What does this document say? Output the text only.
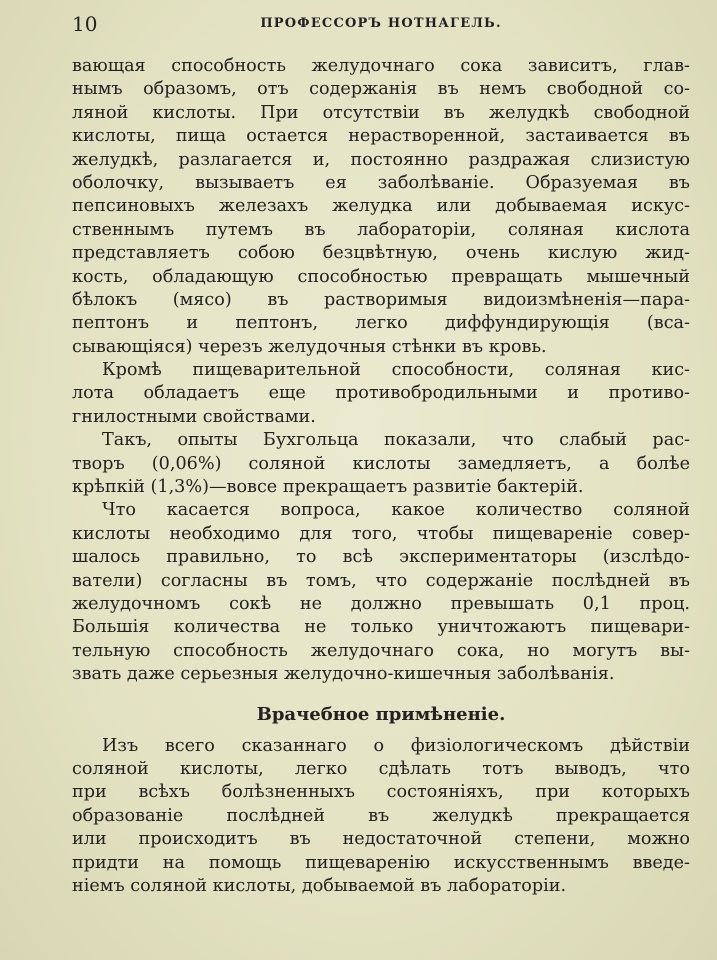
10	ПРОФЕССОРЪ НОТНАГЕЛЬ.
вающая способность желудочнаго сока зависитъ, глав-
нымъ образомъ, отъ содержанія въ немъ свободной со-
ляной кислоты. При отсутствіи въ желудкѣ свободной
кислоты, пища остается нерастворенной, застаивается въ
желудкѣ, разлагается и, постоянно раздражая слизистую
оболочку, вызываетъ ея заболѣваніе. Образуемая въ
пепсиновыхъ железахъ желудка или добываемая искус-
ственнымъ путемъ въ лабораторіи, соляная кислота
представляетъ собою безцвѣтную, очень кислую жид-
кость, обладающую способностью превращать мышечный
бѣлокъ (мясо) въ растворимыя видоизмѣненія—пара-
пептонъ и пептонъ, легко диффундирующія (вса-
сывающіяся) черезъ желудочныя стѣнки въ кровь.
Кромѣ пищеварительной способности, соляная кис-
лота обладаетъ еще противобродильными и противо-
гнилостными свойствами.
Такъ, опыты Бухгольца показали, что слабый рас-
творъ (0,06%) соляной кислоты замедляетъ, а болѣе
крѣпкій (1,3%)—вовсе прекращаетъ развитіе бактерій.
Что касается вопроса, какое количество соляной
кислоты необходимо для того, чтобы пищевареніе совер-
шалось правильно, то всѣ экспериментаторы (изслѣдо-
ватели) согласны въ томъ, что содержаніе послѣдней въ
желудочномъ сокѣ не должно превышать 0,1 проц.
Большія количества не только уничтожаютъ пищевари-
тельную способность желудочнаго сока, но могутъ вы-
звать даже серьезныя желудочно-кишечныя заболѣванія.
Врачебное примѣненіе.
Изъ всего сказаннаго о физіологическомъ дѣйствіи
соляной кислоты, легко сдѣлать тотъ выводъ, что
при всѣхъ болѣзненныхъ состояніяхъ, при которыхъ
образованіе послѣдней въ желудкѣ прекращается
или происходитъ въ недостаточной степени, можно
придти на помощь пищеваренію искусственнымъ введе-
ніемъ соляной кислоты, добываемой въ лабораторіи.
